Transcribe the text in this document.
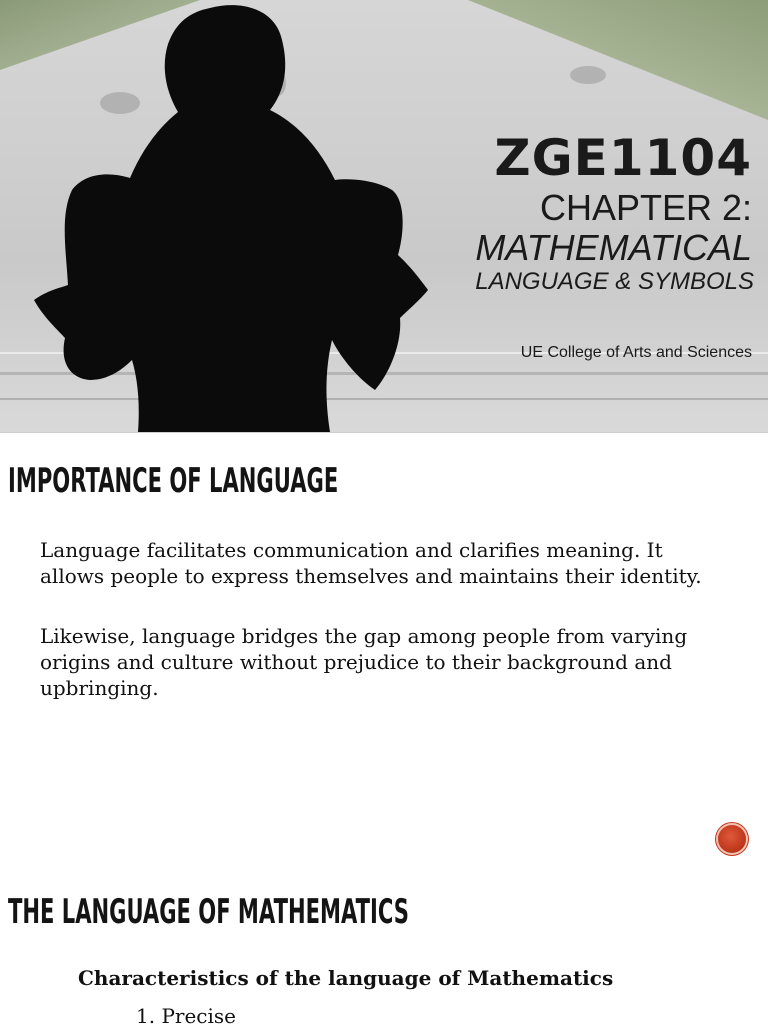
ZGE1104
CHAPTER 2:
MATHEMATICAL
LANGUAGE & SYMBOLS
UE College of Arts and Sciences
IMPORTANCE OF LANGUAGE

Language facilitates communication and clarifies meaning. It allows people to express themselves and maintains their identity.

Likewise, language bridges the gap among people from varying origins and culture without prejudice to their background and upbringing.

THE LANGUAGE OF MATHEMATICS
Characteristics of the language of Mathematics
1. Precise
